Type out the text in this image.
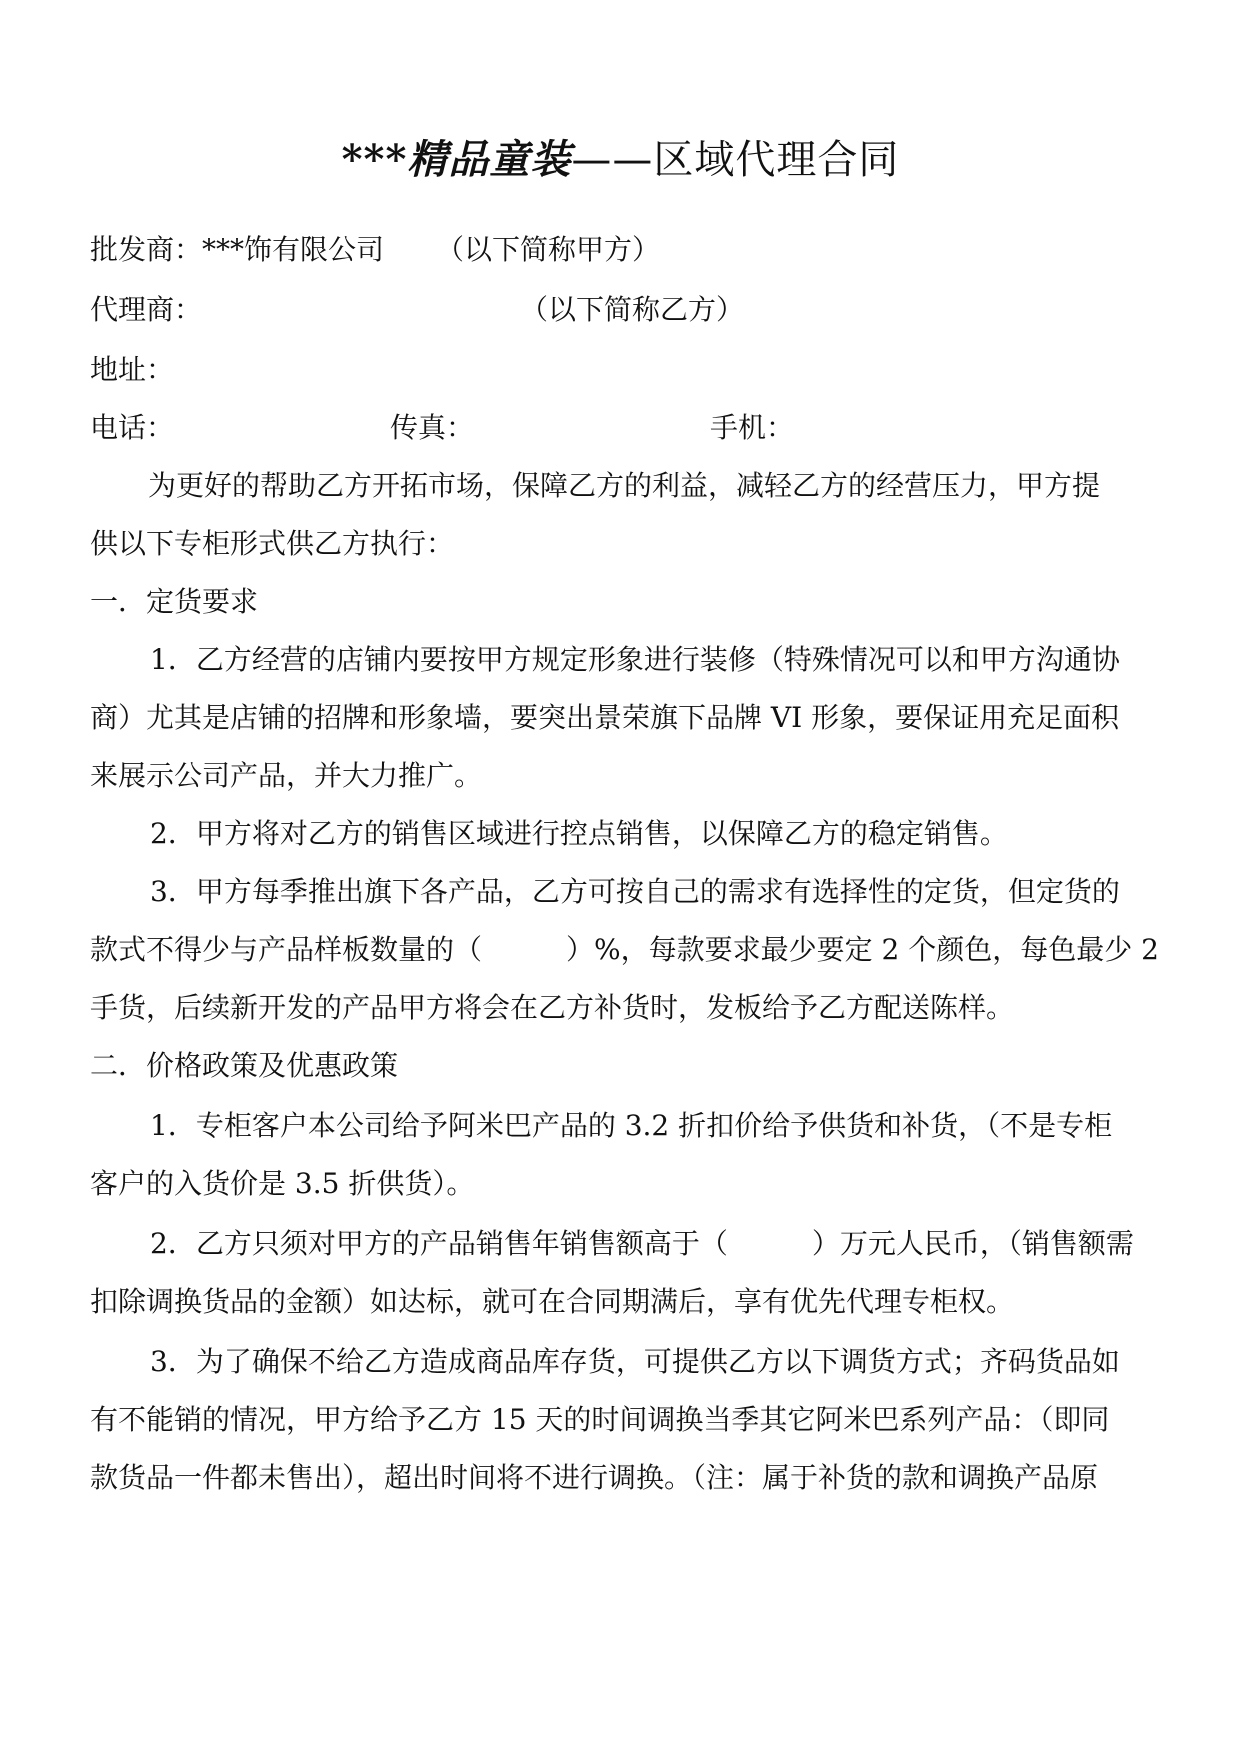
***精品童装——区域代理合同
批发商：***饰有限公司 （以下简称甲方）
代理商：	（以下简称乙方）
地址：
电话：	传真：	手机：
为更好的帮助乙方开拓市场，保障乙方的利益，减轻乙方的经营压力，甲方提
供以下专柜形式供乙方执行：
一．定货要求
1．乙方经营的店铺内要按甲方规定形象进行装修（特殊情况可以和甲方沟通协
商）尤其是店铺的招牌和形象墙，要突出景荣旗下品牌 VI 形象，要保证用充足面积
来展示公司产品，并大力推广。
2．甲方将对乙方的销售区域进行控点销售，以保障乙方的稳定销售。
3．甲方每季推出旗下各产品，乙方可按自己的需求有选择性的定货，但定货的
款式不得少与产品样板数量的（　　　）%，每款要求最少要定 2 个颜色，每色最少 2
手货，后续新开发的产品甲方将会在乙方补货时，发板给予乙方配送陈样。
二．价格政策及优惠政策
1．专柜客户本公司给予阿米巴产品的 3.2 折扣价给予供货和补货，（不是专柜
客户的入货价是 3.5 折供货）。
2．乙方只须对甲方的产品销售年销售额高于（　　　）万元人民币，（销售额需
扣除调换货品的金额）如达标，就可在合同期满后，享有优先代理专柜权。
3．为了确保不给乙方造成商品库存货，可提供乙方以下调货方式；齐码货品如
有不能销的情况，甲方给予乙方 15 天的时间调换当季其它阿米巴系列产品：（即同
款货品一件都未售出），超出时间将不进行调换。（注：属于补货的款和调换产品原
